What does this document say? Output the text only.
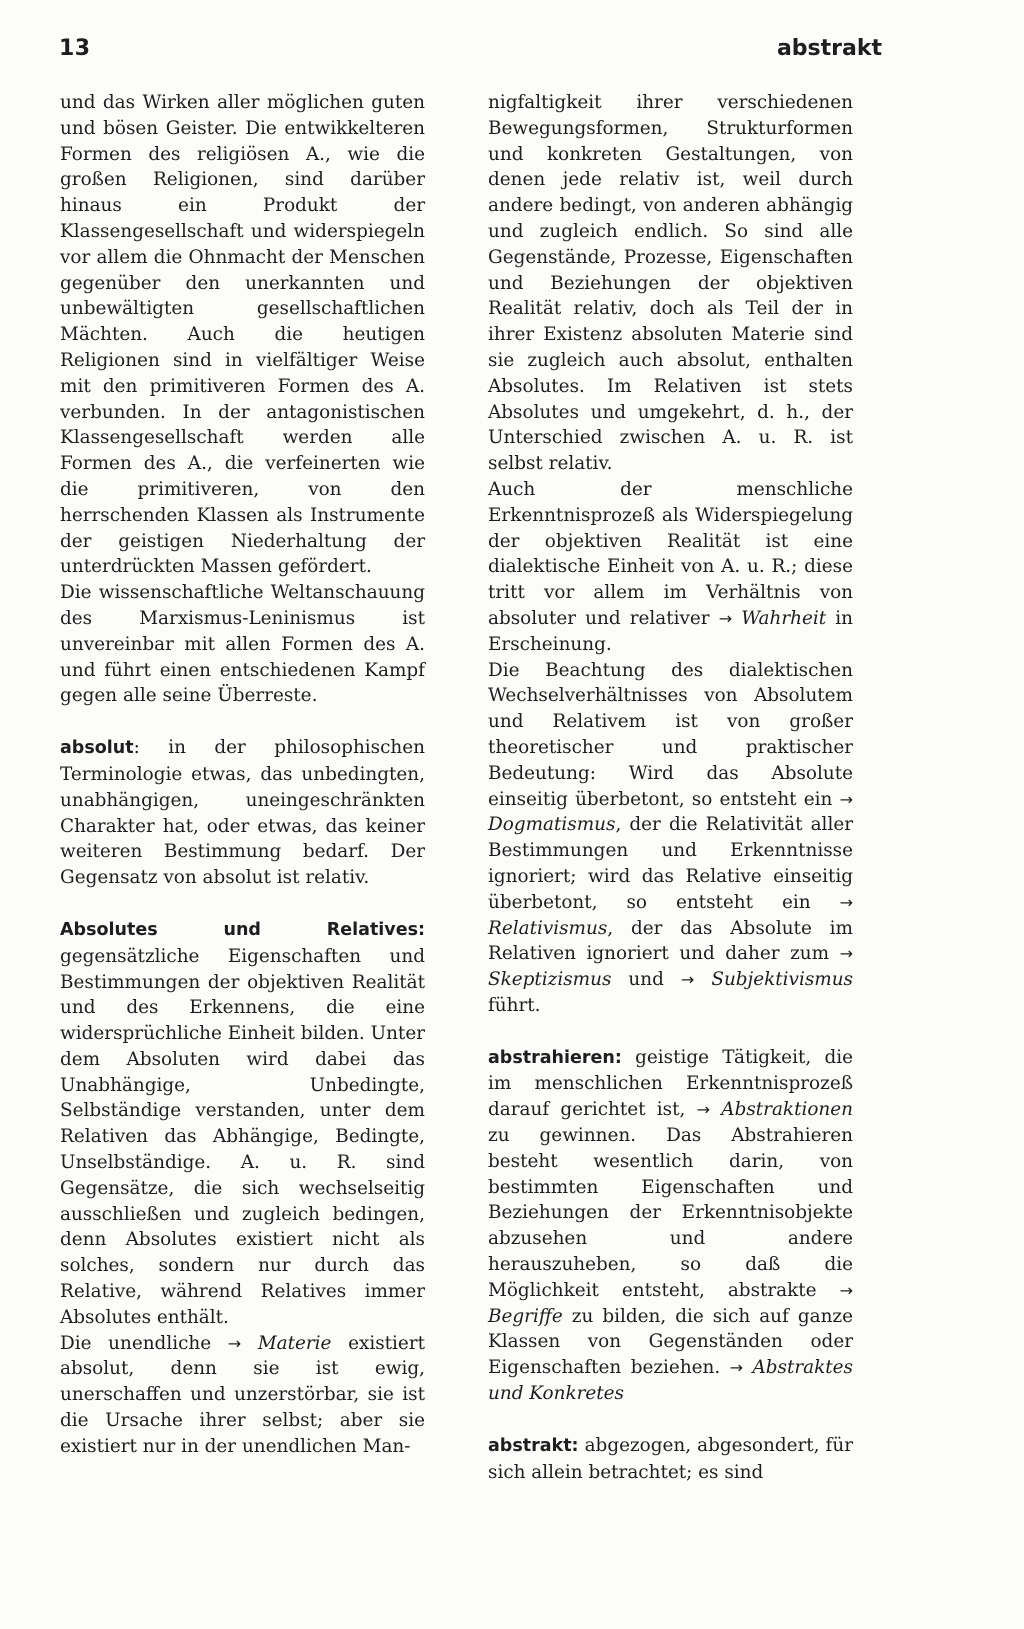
13	abstrakt

und das Wirken aller möglichen guten und bösen Geister. Die entwikkelteren Formen des religiösen A., wie die großen Religionen, sind darüber hinaus ein Produkt der Klassengesellschaft und widerspiegeln vor allem die Ohnmacht der Menschen gegenüber den unerkannten und unbewältigten gesellschaftlichen Mächten. Auch die heutigen Religionen sind in vielfältiger Weise mit den primitiveren Formen des A. verbunden. In der antagonistischen Klassengesellschaft werden alle Formen des A., die verfeinerten wie die primitiveren, von den herrschenden Klassen als Instrumente der geistigen Niederhaltung der unterdrückten Massen gefördert.

Die wissenschaftliche Weltanschauung des Marxismus-Leninismus ist unvereinbar mit allen Formen des A. und führt einen entschiedenen Kampf gegen alle seine Überreste.

absolut: in der philosophischen Terminologie etwas, das unbedingten, unabhängigen, uneingeschränkten Charakter hat, oder etwas, das keiner weiteren Bestimmung bedarf. Der Gegensatz von absolut ist relativ.

Absolutes und Relatives: gegensätzliche Eigenschaften und Bestimmungen der objektiven Realität und des Erkennens, die eine widersprüchliche Einheit bilden. Unter dem Absoluten wird dabei das Unabhängige, Unbedingte, Selbständige verstanden, unter dem Relativen das Abhängige, Bedingte, Unselbständige. A. u. R. sind Gegensätze, die sich wechselseitig ausschließen und zugleich bedingen, denn Absolutes existiert nicht als solches, sondern nur durch das Relative, während Relatives immer Absolutes enthält.

Die unendliche → Materie existiert absolut, denn sie ist ewig, unerschaffen und unzerstörbar, sie ist die Ursache ihrer selbst; aber sie existiert nur in der unendlichen Man-

nigfaltigkeit ihrer verschiedenen Bewegungsformen, Strukturformen und konkreten Gestaltungen, von denen jede relativ ist, weil durch andere bedingt, von anderen abhängig und zugleich endlich. So sind alle Gegenstände, Prozesse, Eigenschaften und Beziehungen der objektiven Realität relativ, doch als Teil der in ihrer Existenz absoluten Materie sind sie zugleich auch absolut, enthalten Absolutes. Im Relativen ist stets Absolutes und umgekehrt, d. h., der Unterschied zwischen A. u. R. ist selbst relativ.

Auch der menschliche Erkenntnisprozeß als Widerspiegelung der objektiven Realität ist eine dialektische Einheit von A. u. R.; diese tritt vor allem im Verhältnis von absoluter und relativer → Wahrheit in Erscheinung.

Die Beachtung des dialektischen Wechselverhältnisses von Absolutem und Relativem ist von großer theoretischer und praktischer Bedeutung: Wird das Absolute einseitig überbetont, so entsteht ein → Dogmatismus, der die Relativität aller Bestimmungen und Erkenntnisse ignoriert; wird das Relative einseitig überbetont, so entsteht ein → Relativismus, der das Absolute im Relativen ignoriert und daher zum → Skeptizismus und → Subjektivismus führt.

abstrahieren: geistige Tätigkeit, die im menschlichen Erkenntnisprozeß darauf gerichtet ist, → Abstraktionen zu gewinnen. Das Abstrahieren besteht wesentlich darin, von bestimmten Eigenschaften und Beziehungen der Erkenntnisobjekte abzusehen und andere herauszuheben, so daß die Möglichkeit entsteht, abstrakte → Begriffe zu bilden, die sich auf ganze Klassen von Gegenständen oder Eigenschaften beziehen. → Abstraktes und Konkretes

abstrakt: abgezogen, abgesondert, für sich allein betrachtet; es sind
